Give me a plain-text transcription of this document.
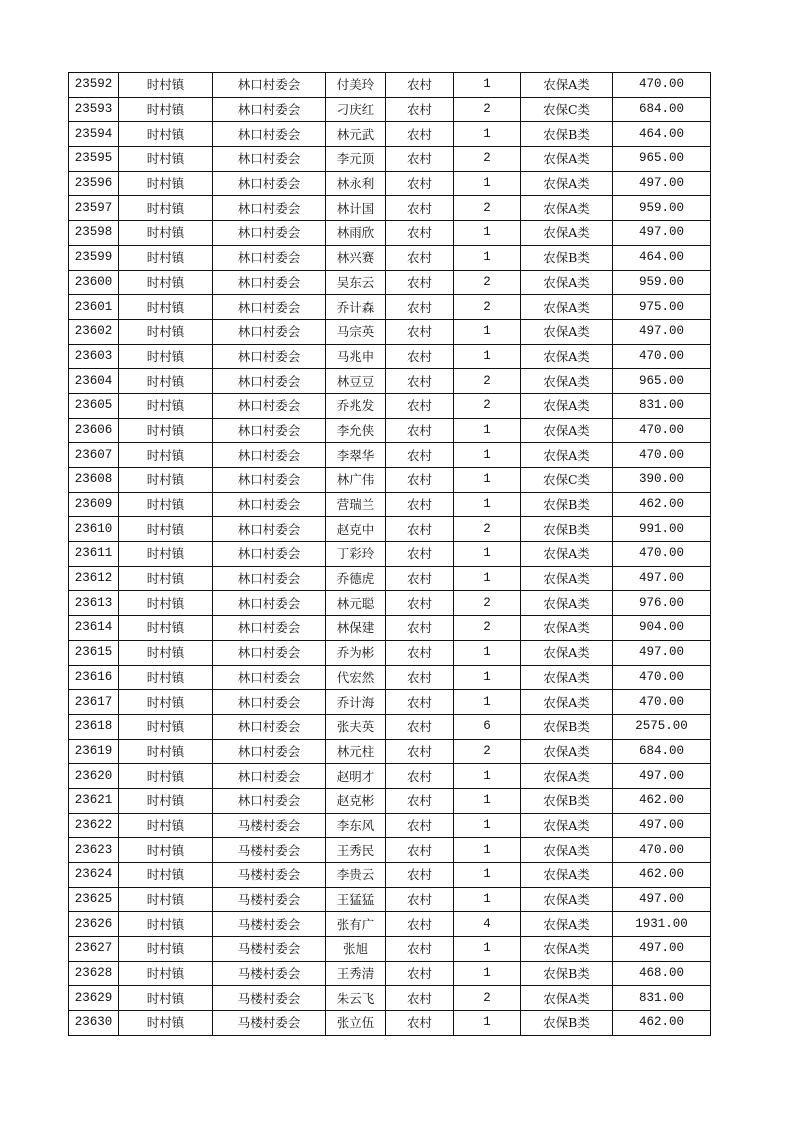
23592	时村镇	林口村委会	付美玲	农村	1	农保A类	470.00
23593	时村镇	林口村委会	刁庆红	农村	2	农保C类	684.00
23594	时村镇	林口村委会	林元武	农村	1	农保B类	464.00
23595	时村镇	林口村委会	李元顶	农村	2	农保A类	965.00
23596	时村镇	林口村委会	林永利	农村	1	农保A类	497.00
23597	时村镇	林口村委会	林计国	农村	2	农保A类	959.00
23598	时村镇	林口村委会	林雨欣	农村	1	农保A类	497.00
23599	时村镇	林口村委会	林兴赛	农村	1	农保B类	464.00
23600	时村镇	林口村委会	吴东云	农村	2	农保A类	959.00
23601	时村镇	林口村委会	乔计森	农村	2	农保A类	975.00
23602	时村镇	林口村委会	马宗英	农村	1	农保A类	497.00
23603	时村镇	林口村委会	马兆申	农村	1	农保A类	470.00
23604	时村镇	林口村委会	林豆豆	农村	2	农保A类	965.00
23605	时村镇	林口村委会	乔兆发	农村	2	农保A类	831.00
23606	时村镇	林口村委会	李允侠	农村	1	农保A类	470.00
23607	时村镇	林口村委会	李翠华	农村	1	农保A类	470.00
23608	时村镇	林口村委会	林广伟	农村	1	农保C类	390.00
23609	时村镇	林口村委会	营瑞兰	农村	1	农保B类	462.00
23610	时村镇	林口村委会	赵克中	农村	2	农保B类	991.00
23611	时村镇	林口村委会	丁彩玲	农村	1	农保A类	470.00
23612	时村镇	林口村委会	乔德虎	农村	1	农保A类	497.00
23613	时村镇	林口村委会	林元聪	农村	2	农保A类	976.00
23614	时村镇	林口村委会	林保建	农村	2	农保A类	904.00
23615	时村镇	林口村委会	乔为彬	农村	1	农保A类	497.00
23616	时村镇	林口村委会	代宏然	农村	1	农保A类	470.00
23617	时村镇	林口村委会	乔计海	农村	1	农保A类	470.00
23618	时村镇	林口村委会	张夫英	农村	6	农保B类	2575.00
23619	时村镇	林口村委会	林元柱	农村	2	农保A类	684.00
23620	时村镇	林口村委会	赵明才	农村	1	农保A类	497.00
23621	时村镇	林口村委会	赵克彬	农村	1	农保B类	462.00
23622	时村镇	马楼村委会	李东风	农村	1	农保A类	497.00
23623	时村镇	马楼村委会	王秀民	农村	1	农保A类	470.00
23624	时村镇	马楼村委会	李贵云	农村	1	农保A类	462.00
23625	时村镇	马楼村委会	王猛猛	农村	1	农保A类	497.00
23626	时村镇	马楼村委会	张有广	农村	4	农保A类	1931.00
23627	时村镇	马楼村委会	张旭	农村	1	农保A类	497.00
23628	时村镇	马楼村委会	王秀清	农村	1	农保B类	468.00
23629	时村镇	马楼村委会	朱云飞	农村	2	农保A类	831.00
23630	时村镇	马楼村委会	张立伍	农村	1	农保B类	462.00
